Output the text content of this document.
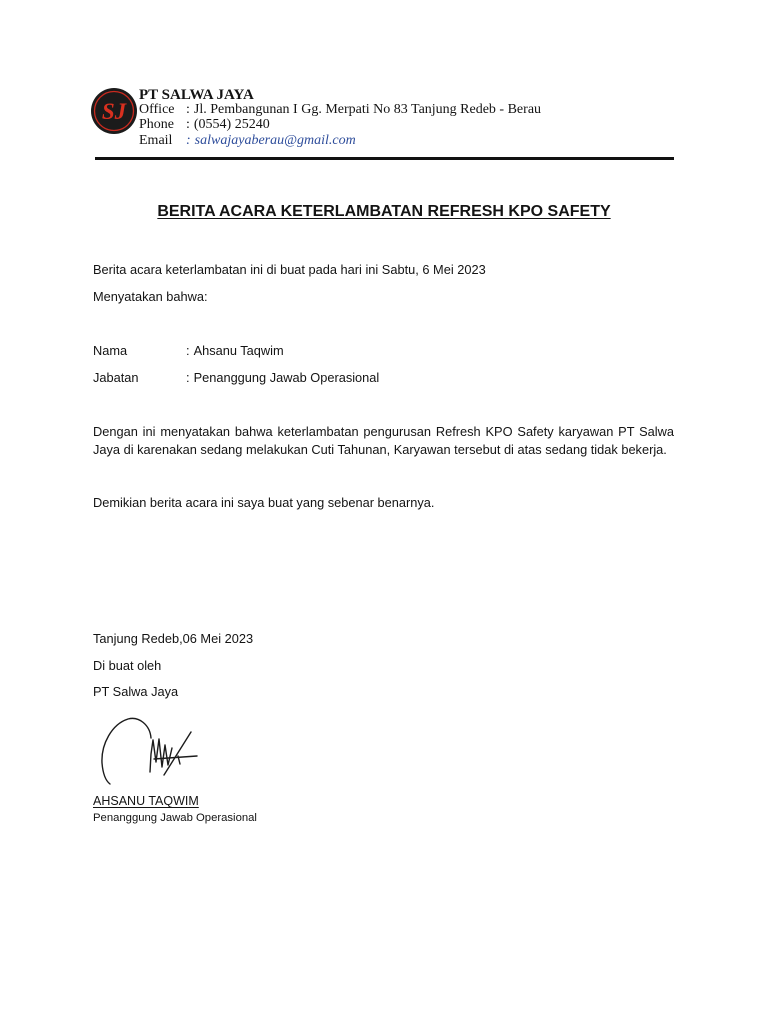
SJ
PT SALWA JAYA
Office : Jl. Pembangunan I Gg. Merpati No 83 Tanjung Redeb - Berau
Phone : (0554) 25240
Email : salwajayaberau@gmail.com
BERITA ACARA KETERLAMBATAN REFRESH KPO SAFETY
Berita acara keterlambatan ini di buat pada hari ini Sabtu, 6 Mei 2023
Menyatakan bahwa:
Nama	: Ahsanu Taqwim
Jabatan	: Penanggung Jawab Operasional
Dengan ini menyatakan bahwa keterlambatan pengurusan Refresh KPO Safety karyawan PT Salwa
Jaya di karenakan sedang melakukan Cuti Tahunan, Karyawan tersebut di atas sedang tidak bekerja.
Demikian berita acara ini saya buat yang sebenar benarnya.
Tanjung Redeb,06 Mei 2023
Di buat oleh
PT Salwa Jaya
AHSANU TAQWIM
Penanggung Jawab Operasional
